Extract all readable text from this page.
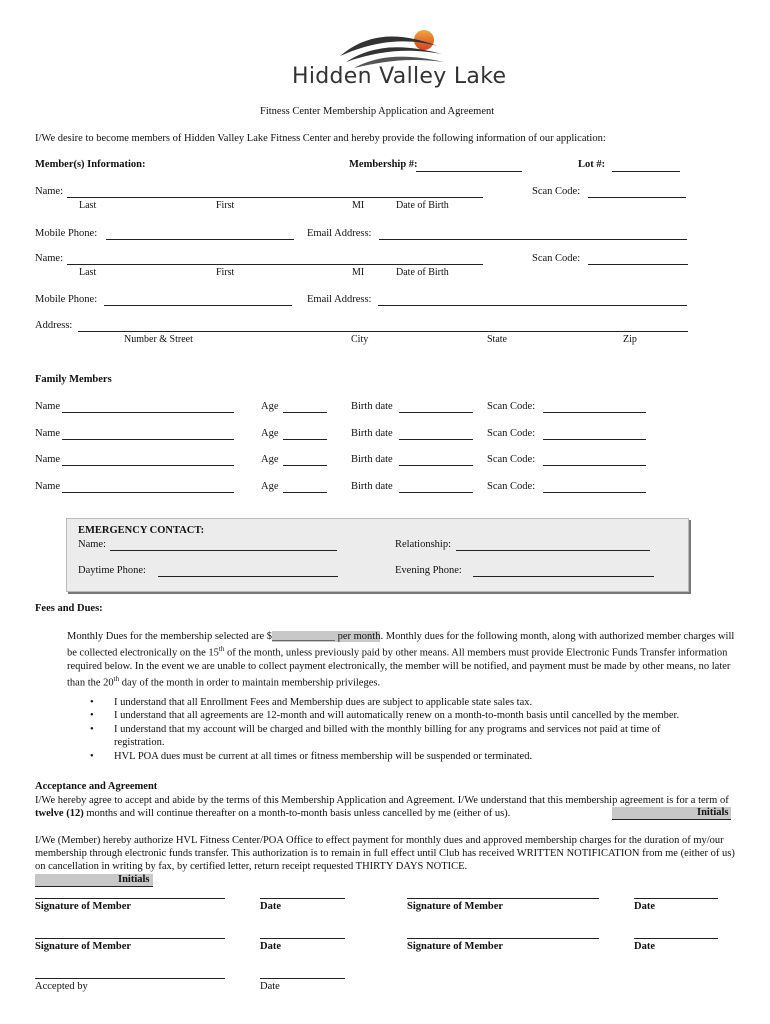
Hidden Valley Lake
Fitness Center Membership Application and Agreement
I/We desire to become members of Hidden Valley Lake Fitness Center and hereby provide the following information of our application:
Member(s) Information:	Membership #:	Lot #:
Name:	Scan Code:
Last	First	MI	Date of Birth
Mobile Phone:	Email Address:
Name:	Scan Code:
Last	First	MI	Date of Birth
Mobile Phone:	Email Address:
Address:
Number & Street	City	State	Zip
Family Members
Name	Age	Birth date	Scan Code:
Name	Age	Birth date	Scan Code:
Name	Age	Birth date	Scan Code:
Name	Age	Birth date	Scan Code:
EMERGENCY CONTACT:
Name:	Relationship:
Daytime Phone:	Evening Phone:
Fees and Dues:
Monthly Dues for the membership selected are $____________ per month. Monthly dues for the following month, along with authorized member charges will be collected electronically on the 15th of the month, unless previously paid by other means. All members must provide Electronic Funds Transfer information required below. In the event we are unable to collect payment electronically, the member will be notified, and payment must be made by other means, no later than the 20th day of the month in order to maintain membership privileges.
• I understand that all Enrollment Fees and Membership dues are subject to applicable state sales tax.
• I understand that all agreements are 12-month and will automatically renew on a month-to-month basis until cancelled by the member.
• I understand that my account will be charged and billed with the monthly billing for any programs and services not paid at time of registration.
• HVL POA dues must be current at all times or fitness membership will be suspended or terminated.
Acceptance and Agreement
I/We hereby agree to accept and abide by the terms of this Membership Application and Agreement. I/We understand that this membership agreement is for a term of twelve (12) months and will continue thereafter on a month-to-month basis unless cancelled by me (either of us).	Initials
I/We (Member) hereby authorize HVL Fitness Center/POA Office to effect payment for monthly dues and approved membership charges for the duration of my/our membership through electronic funds transfer. This authorization is to remain in full effect until Club has received WRITTEN NOTIFICATION from me (either of us) on cancellation in writing by fax, by certified letter, return receipt requested THIRTY DAYS NOTICE.
Initials
Signature of Member	Date	Signature of Member	Date
Signature of Member	Date	Signature of Member	Date
Accepted by	Date
